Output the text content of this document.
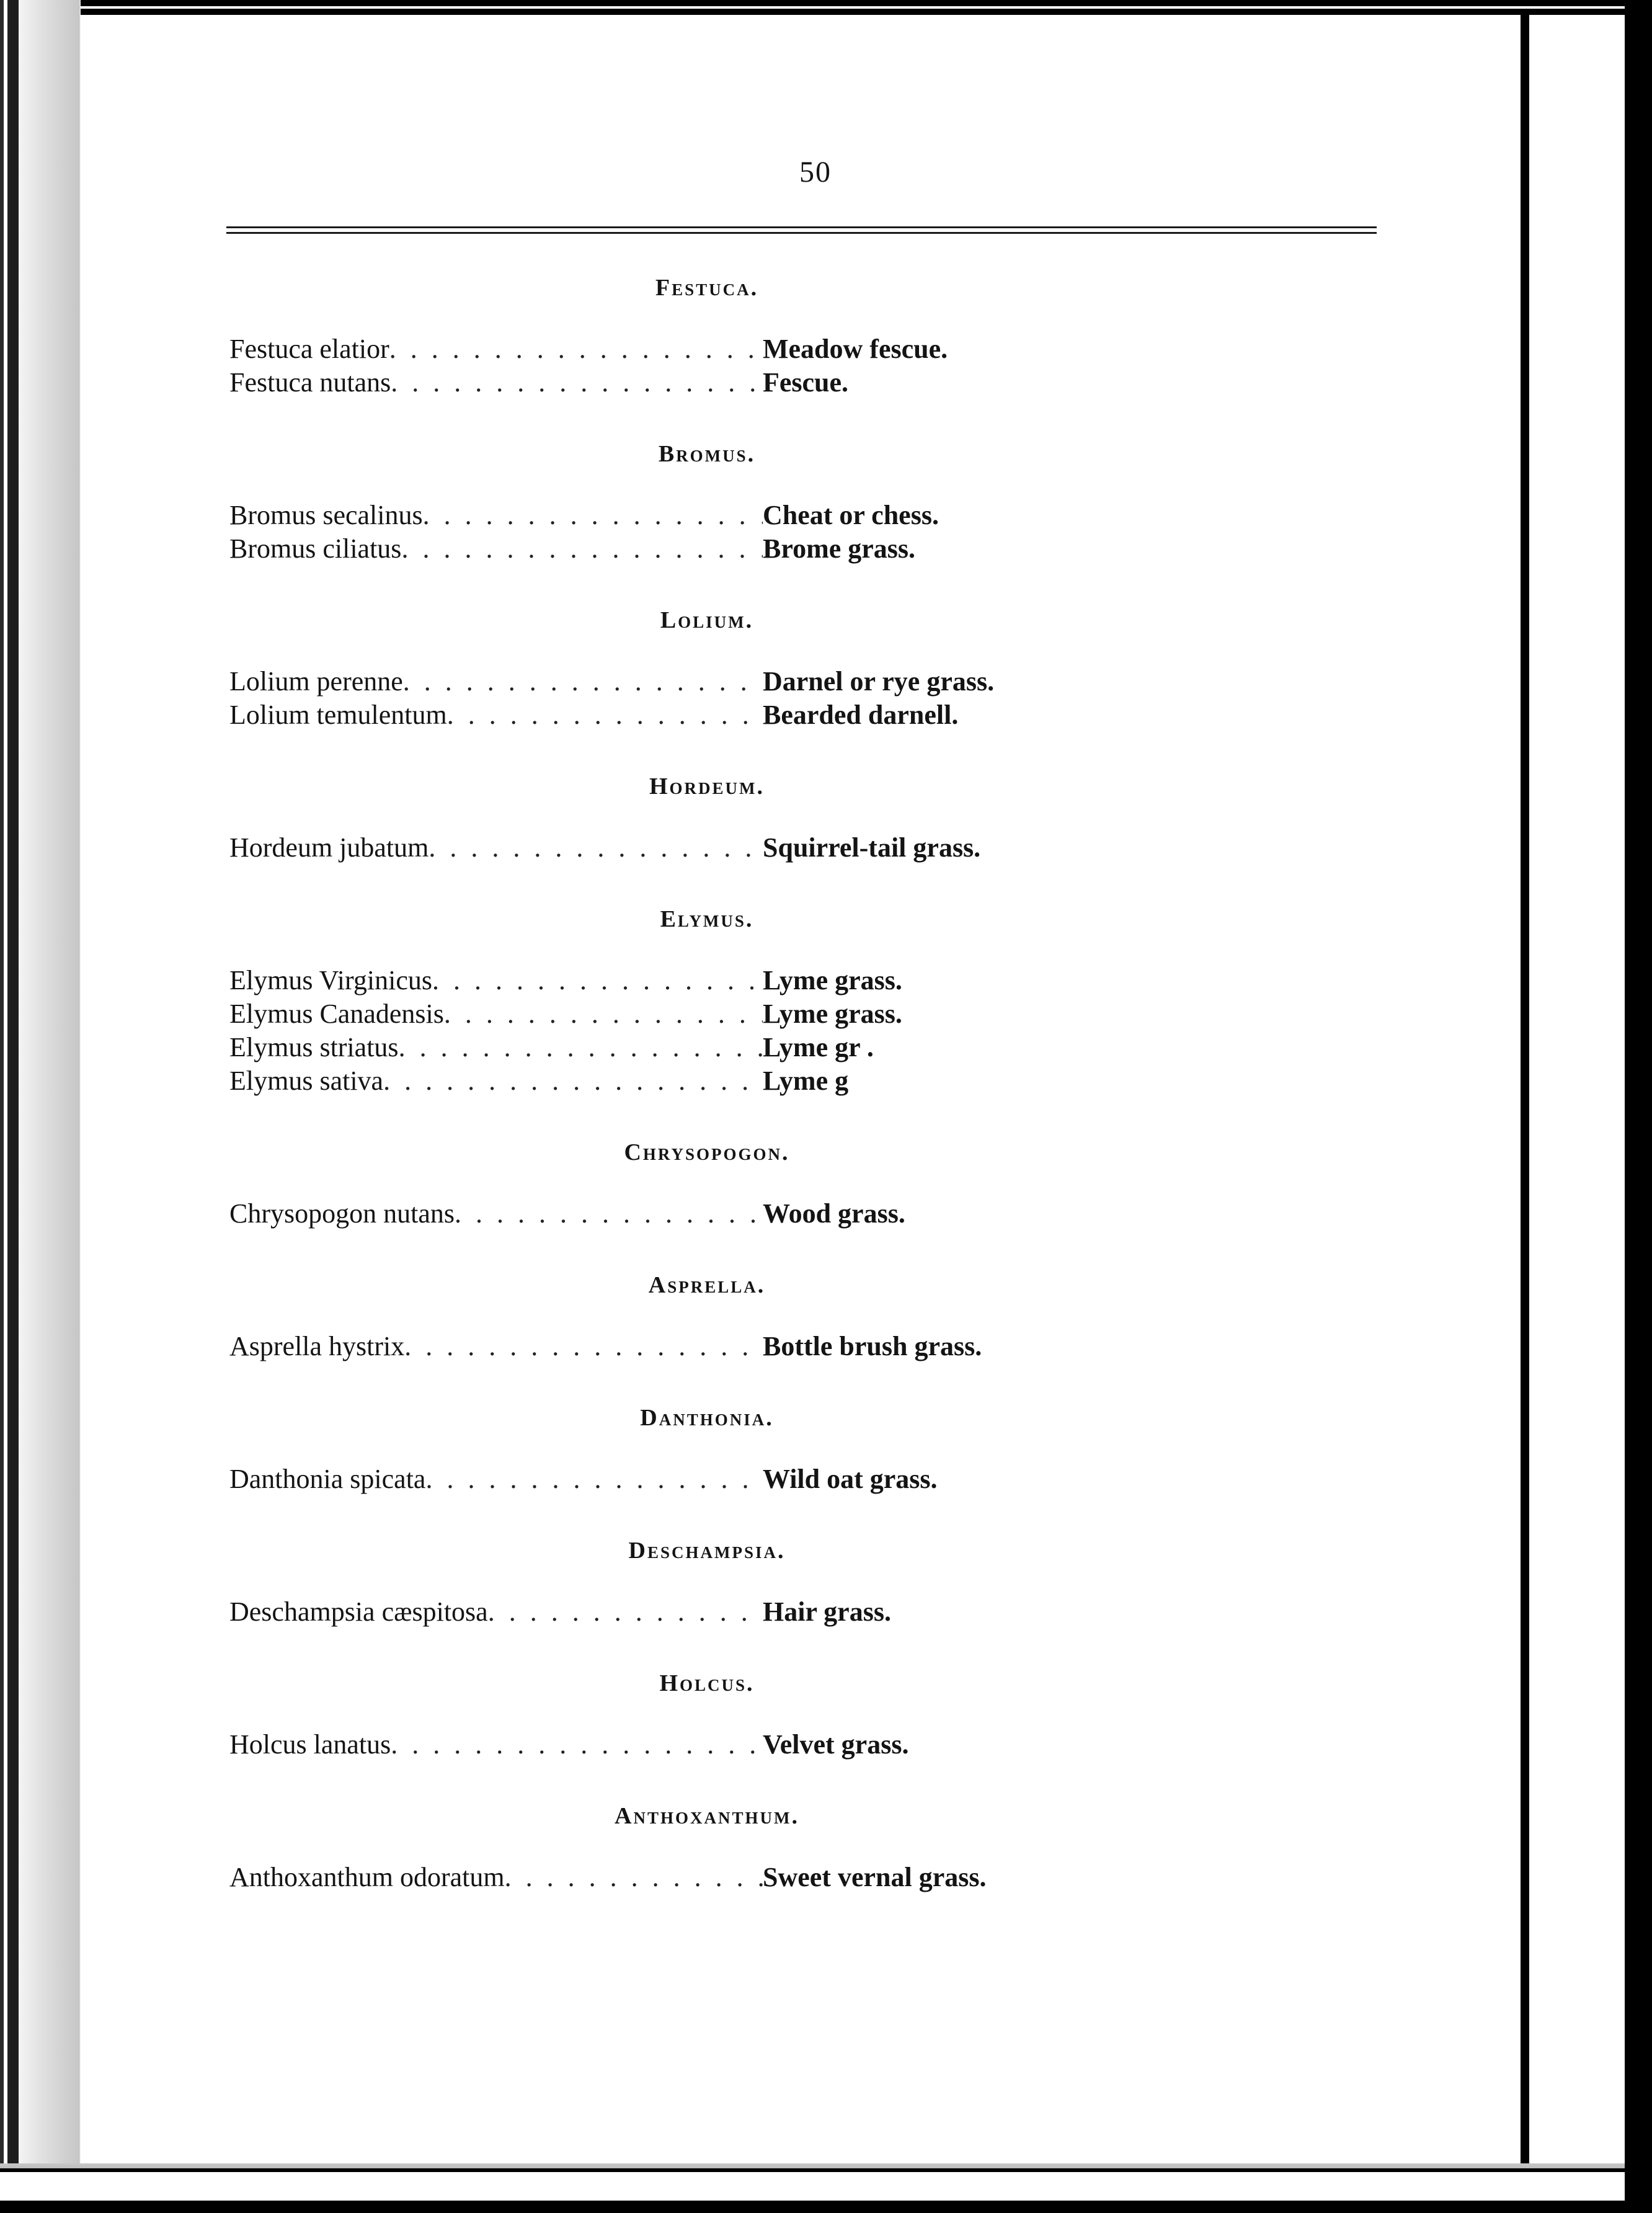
50
Festuca.
Festuca elatior . . .	Meadow fescue.
Festuca nutans . . .	Fescue.
Bromus.
Bromus secalinus . . .	Cheat or chess.
Bromus ciliatus . . .	Brome grass.
Lolium.
Lolium perenne . . .	Darnel or rye grass.
Lolium temulentum . . .	Bearded darnell.
Hordeum.
Hordeum jubatum . . .	Squirrel-tail grass.
Elymus.
Elymus Virginicus . . .	Lyme grass.
Elymus Canadensis . . .	Lyme grass.
Elymus striatus . . .	Lyme gr .
Elymus sativa . . .	Lyme g
Chrysopogon.
Chrysopogon nutans . . .	Wood grass.
Asprella.
Asprella hystrix . . .	Bottle brush grass.
Danthonia.
Danthonia spicata . . .	Wild oat grass.
Deschampsia.
Deschampsia cæspitosa . . .	Hair grass.
Holcus.
Holcus lanatus . . .	Velvet grass.
Anthoxanthum.
Anthoxanthum odoratum . . .	Sweet vernal grass.
